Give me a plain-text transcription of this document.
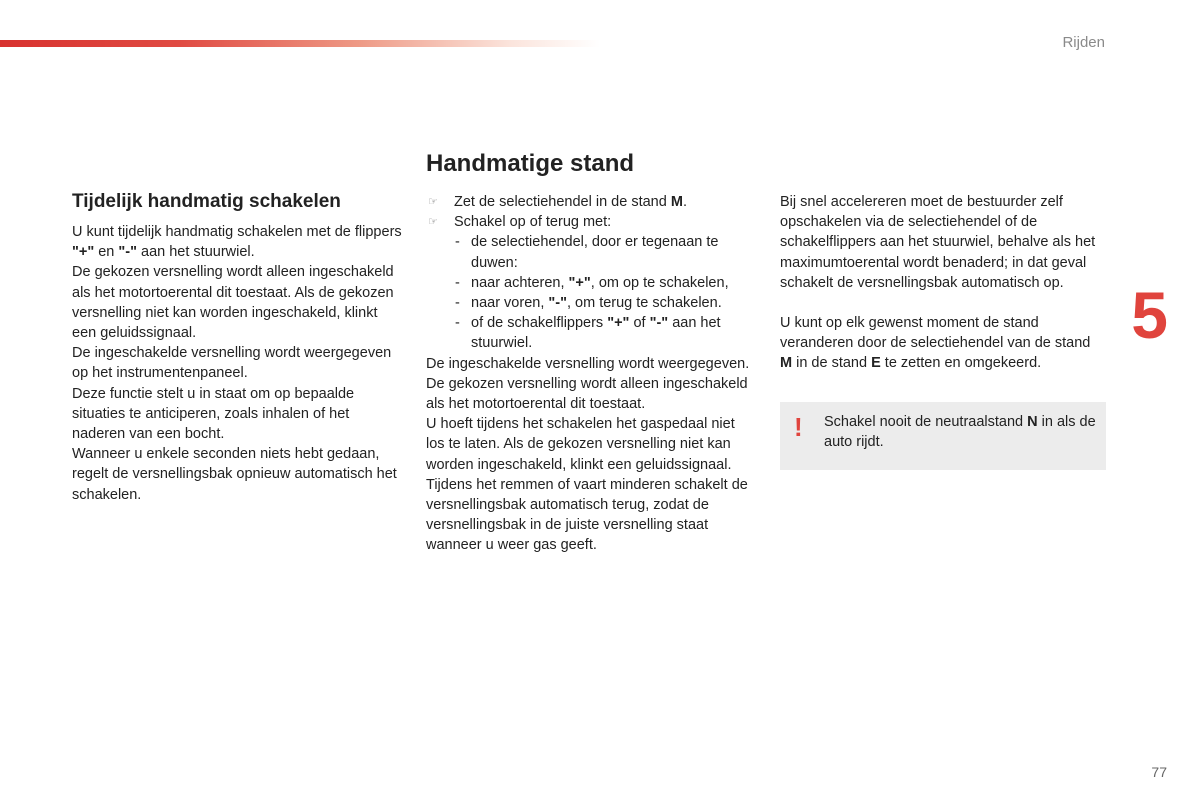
Rijden
5
77
Tijdelijk handmatig schakelen

U kunt tijdelijk handmatig schakelen met de flippers "+" en "-" aan het stuurwiel.

De gekozen versnelling wordt alleen ingeschakeld als het motortoerental dit toestaat. Als de gekozen versnelling niet kan worden ingeschakeld, klinkt een geluidssignaal.

De ingeschakelde versnelling wordt weergegeven op het instrumentenpaneel.

Deze functie stelt u in staat om op bepaalde situaties te anticiperen, zoals inhalen of het naderen van een bocht.

Wanneer u enkele seconden niets hebt gedaan, regelt de versnellingsbak opnieuw automatisch het schakelen.

Handmatige stand
☞ Zet de selectiehendel in de stand M.
☞ Schakel op of terug met:
- de selectiehendel, door er tegenaan te duwen:
- naar achteren, "+", om op te schakelen,
- naar voren, "-", om terug te schakelen.
- of de schakelflippers "+" of "-" aan het stuurwiel.

De ingeschakelde versnelling wordt weergegeven.

De gekozen versnelling wordt alleen ingeschakeld als het motortoerental dit toestaat.

U hoeft tijdens het schakelen het gaspedaal niet los te laten. Als de gekozen versnelling niet kan worden ingeschakeld, klinkt een geluidssignaal.

Tijdens het remmen of vaart minderen schakelt de versnellingsbak automatisch terug, zodat de versnellingsbak in de juiste versnelling staat wanneer u weer gas geeft.

Bij snel accelereren moet de bestuurder zelf opschakelen via de selectiehendel of de schakelflippers aan het stuurwiel, behalve als het maximumtoerental wordt benaderd; in dat geval schakelt de versnellingsbak automatisch op.

U kunt op elk gewenst moment de stand veranderen door de selectiehendel van de stand M in de stand E te zetten en omgekeerd.

! Schakel nooit de neutraalstand N in als de auto rijdt.
